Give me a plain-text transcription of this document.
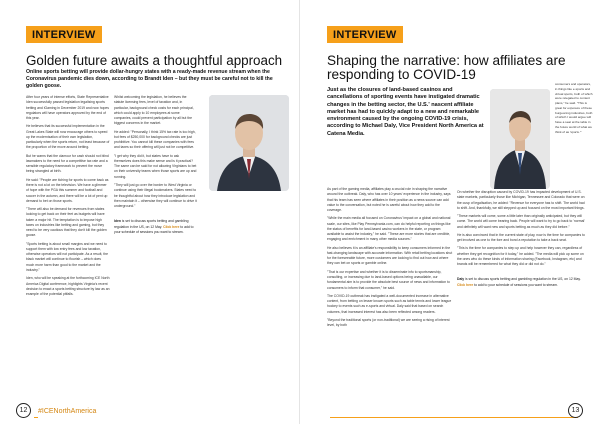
INTERVIEW
Golden future awaits a thoughtful approach

Online sports betting will provide dollar-hungry states with a ready-made revenue stream when the Coronavirus pandemic dies down, according to Brandt Iden – but they must be careful not to kill the golden goose.

After four years of intense efforts, State Representative Iden successfully passed legislation legalising sports betting and iGaming in December 2019 and now hopes regulators will have operators approved by the end of this year.

He believes that its successful implementation in the Great Lakes State will now encourage others to speed up the modernisation of their own legislation, particularly when the sports return, not least because of the proportion of the move around betting.

But he warns that the clamour for cash should not blind lawmakers to the need for a competitive tax rate and a sensible regulatory framework to prevent the move being strangled at birth.

He said: "People are itching for sports to come back as there is not a lot on the television. We have a glimmer of hope with the PGA this summer and football and soccer in the autumn, and there will be a lot of pent up demand to bet on those sports.

"There will also be demand for revenues from states looking to get back on their feet as budgets will have taken a major hit. The temptation is to impose high taxes on industries like betting and gaming, but they need to be very cautious that they don't kill the golden goose.

"Sports betting is about small margins and we need to support them with low entry fees and low taxation, otherwise operators will not participate. As a result, the black market will continue to flourish – which does much more harm than good to the market and the industry."

Iden, who will be speaking at the forthcoming ICE North America Digital conference, highlights Virginia's recent decision to enact a sports betting structure by law as an example of the potential pitfalls.

Whilst welcoming the legislation, he believes the statute licensing fees, level of taxation and, in particular, background check costs for each principal, which could apply to 10 employees at some companies, could prevent participation by all but the biggest concerns in the market.

He added: "Personally, I think 15% tax rate is too high, but fees of $250,000 for background checks are just prohibitive. You cannot kill these companies with fees and taxes so their offering will just not be competitive.

"I get why they did it, but states have to ask themselves does this make sense and is it practical? The same can be said for not allowing Virginians to bet on their university teams when those sports are up and running.

"They will just go over the border to West Virginia or continue using their illegal bookmakers. States need to be thoughtful about how they introduce legislation and then maintain it – otherwise they will continue to drive it underground."

Iden is set to discuss sports betting and gambling regulation in the US, on 12 May. Click here to add to your schedule of sessions you want to stream.

12	#ICENorthAmerica
INTERVIEW
Shaping the narrative: how affiliates are responding to COVID-19

Just as the closures of land-based casinos and cancellations of sporting events have instigated dramatic changes in the betting sector, the U.S.' nascent affiliate market has had to quickly adapt to a new and remarkable environment caused by the ongoing COVID-19 crisis, according to Michael Daly, Vice President North America at Catena Media.

As part of the gaming media, affiliates play a crucial role in shaping the narrative around the outbreak. Daly, who has over 10 years' experience in the industry, says that his team has seen where affiliates in their position as a news source can add value to the conversation, but noted he is careful about how they add to the coverage.

"While the main media all focused on Coronavirus' impact on a global and national scale, our sites, like Play Pennsylvania.com, can do helpful reporting on things like the status of benefits for land-based casino workers in the state, or program available to assist the industry," he said. "These are more stories that are credible, engaging and enrichment in many other media sources."

He also believes it is an affiliate's responsibility to keep consumers informed in the fast-changing landscape with accurate information. With retail betting locations shut for the foreseeable future, more customers are looking to find out how and where they can bet on sports or gamble online.

"That is our expertise and whether it is to disseminate info to sportsmanship, consulting, or increasing due to land-based options being unavailable, our fundamental aim is to provide the absolute best source of news and information to consumers to inform that consumer," he said.

The COVID-19 outbreak has instigated a well-documented increase in alternative content, from betting on lesser known sports such as table tennis and lower league hockey to events such as e-sports and virtual. Daly said that based on search volumes, that increased interest has also been reflected among readers.

"Beyond the traditional sports (or non-traditional) we are seeing a rising of interest level, by both

consumers and operators, in things like e-sports and virtual sports, both of which were relegated to content plans," he said. "This is great for exposure of these burgeoning industries, both of which I would argue will have a seat at the table in the future world of what we think of as 'sports.'"

On whether the disruption caused by COVID-19 has impacted development of U.S. state markets, particularly those like Michigan, Tennessee and Colorado that were on the cusp of legalisation, he added: "Revenue for everyone has to shift. The world had to shift. And, thankfully, we still stepped up and focused on the most important things.

"These markets will come, some a little later than originally anticipated, but they will come. The world will come bearing back. People will want to try to go back to 'normal' and definitely will want new and sports betting as much as they did before."

He is also convinced that in the current state of play, now is the time for companies to get involved as one to the fore and bond a reputation to take a back seat.

"This is the time for companies to step up and help however they can, regardless of whether they get recognition for it today," he added. "The media will pick up some on the ones who do these kinds of information sharing (Facebook, Instagram, etc) and brands will be remembered for what they did or did not do."

Daly is set to discuss sports betting and gambling regulation in the US, on 12 May. Click here to add to your schedule of sessions you want to stream.

13
